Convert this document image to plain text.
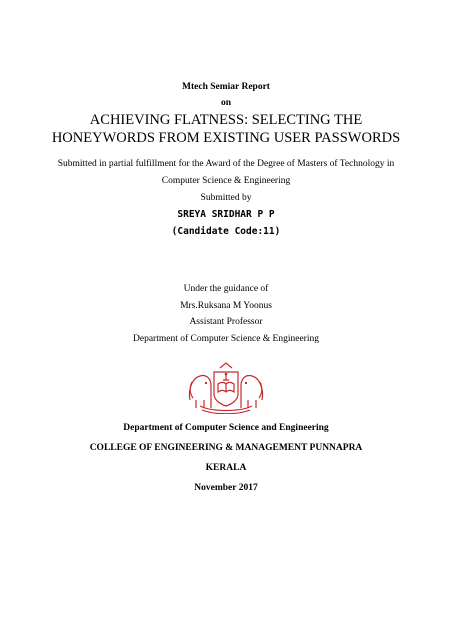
Mtech Semiar Report
on
ACHIEVING FLATNESS: SELECTING THE
HONEYWORDS FROM EXISTING USER PASSWORDS
Submitted in partial fulfillment for the Award of the Degree of Masters of Technology in
Computer Science & Engineering
Submitted by
SREYA SRIDHAR P P
(Candidate Code:11)
Under the guidance of
Mrs.Ruksana M Yoonus
Assistant Professor
Department of Computer Science & Engineering
Department of Computer Science and Engineering
COLLEGE OF ENGINEERING & MANAGEMENT PUNNAPRA
KERALA
November 2017
